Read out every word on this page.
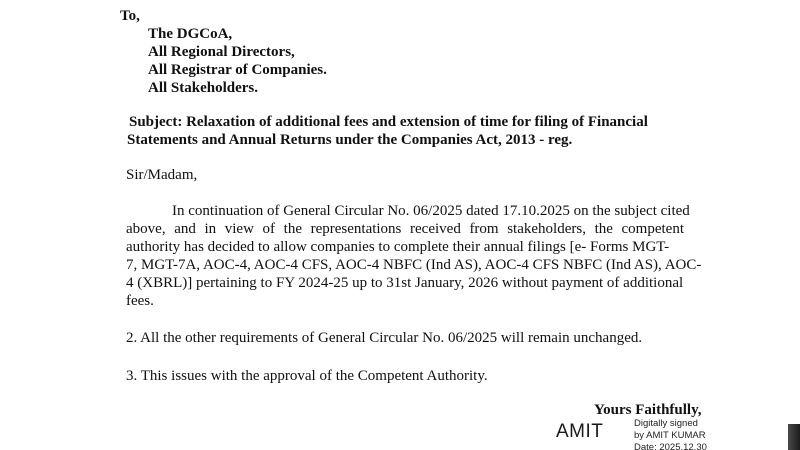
To,
The DGCoA,
All Regional Directors,
All Registrar of Companies.
All Stakeholders.
Subject: Relaxation of additional fees and extension of time for filing of Financial
Statements and Annual Returns under the Companies Act, 2013 - reg.
Sir/Madam,
In continuation of General Circular No. 06/2025 dated 17.10.2025 on the subject cited
above, and in view of the representations received from stakeholders, the competent
authority has decided to allow companies to complete their annual filings [e- Forms MGT-
7, MGT-7A, AOC-4, AOC-4 CFS, AOC-4 NBFC (Ind AS), AOC-4 CFS NBFC (Ind AS), AOC-
4 (XBRL)] pertaining to FY 2024-25 up to 31st January, 2026 without payment of additional
fees.
2. All the other requirements of General Circular No. 06/2025 will remain unchanged.
3. This issues with the approval of the Competent Authority.
Yours Faithfully,
AMIT	Digitally signed
by AMIT KUMAR
Date: 2025.12.30
